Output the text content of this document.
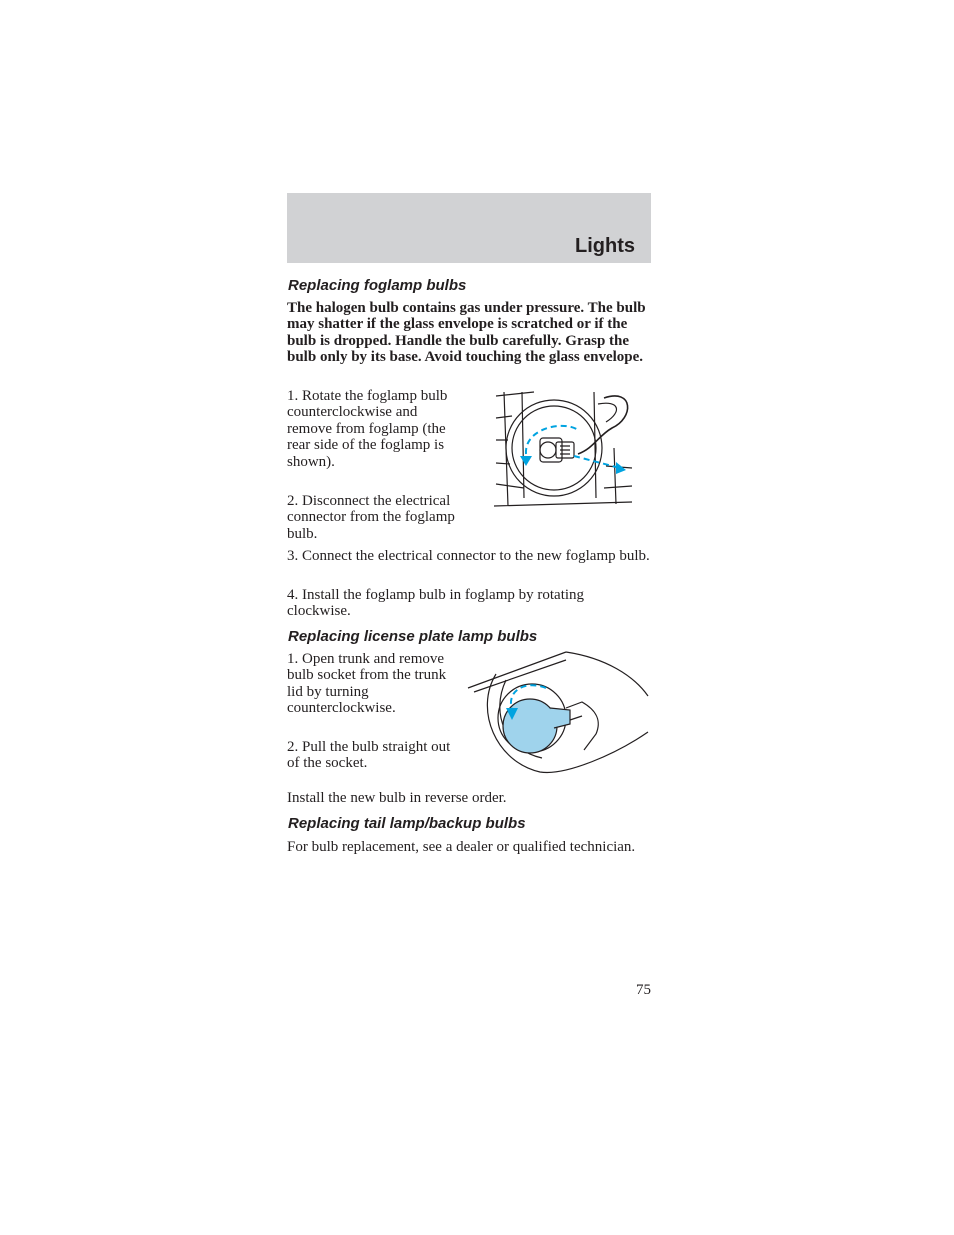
Lights
Replacing foglamp bulbs

The halogen bulb contains gas under pressure. The bulb may shatter if the glass envelope is scratched or if the bulb is dropped. Handle the bulb carefully. Grasp the bulb only by its base. Avoid touching the glass envelope.

1. Rotate the foglamp bulb counterclockwise and remove from foglamp (the rear side of the foglamp is shown).

2. Disconnect the electrical connector from the foglamp bulb.

3. Connect the electrical connector to the new foglamp bulb.

4. Install the foglamp bulb in foglamp by rotating clockwise.

Replacing license plate lamp bulbs

1. Open trunk and remove bulb socket from the trunk lid by turning counterclockwise.

2. Pull the bulb straight out of the socket.

Install the new bulb in reverse order.

Replacing tail lamp/backup bulbs

For bulb replacement, see a dealer or qualified technician.

75
